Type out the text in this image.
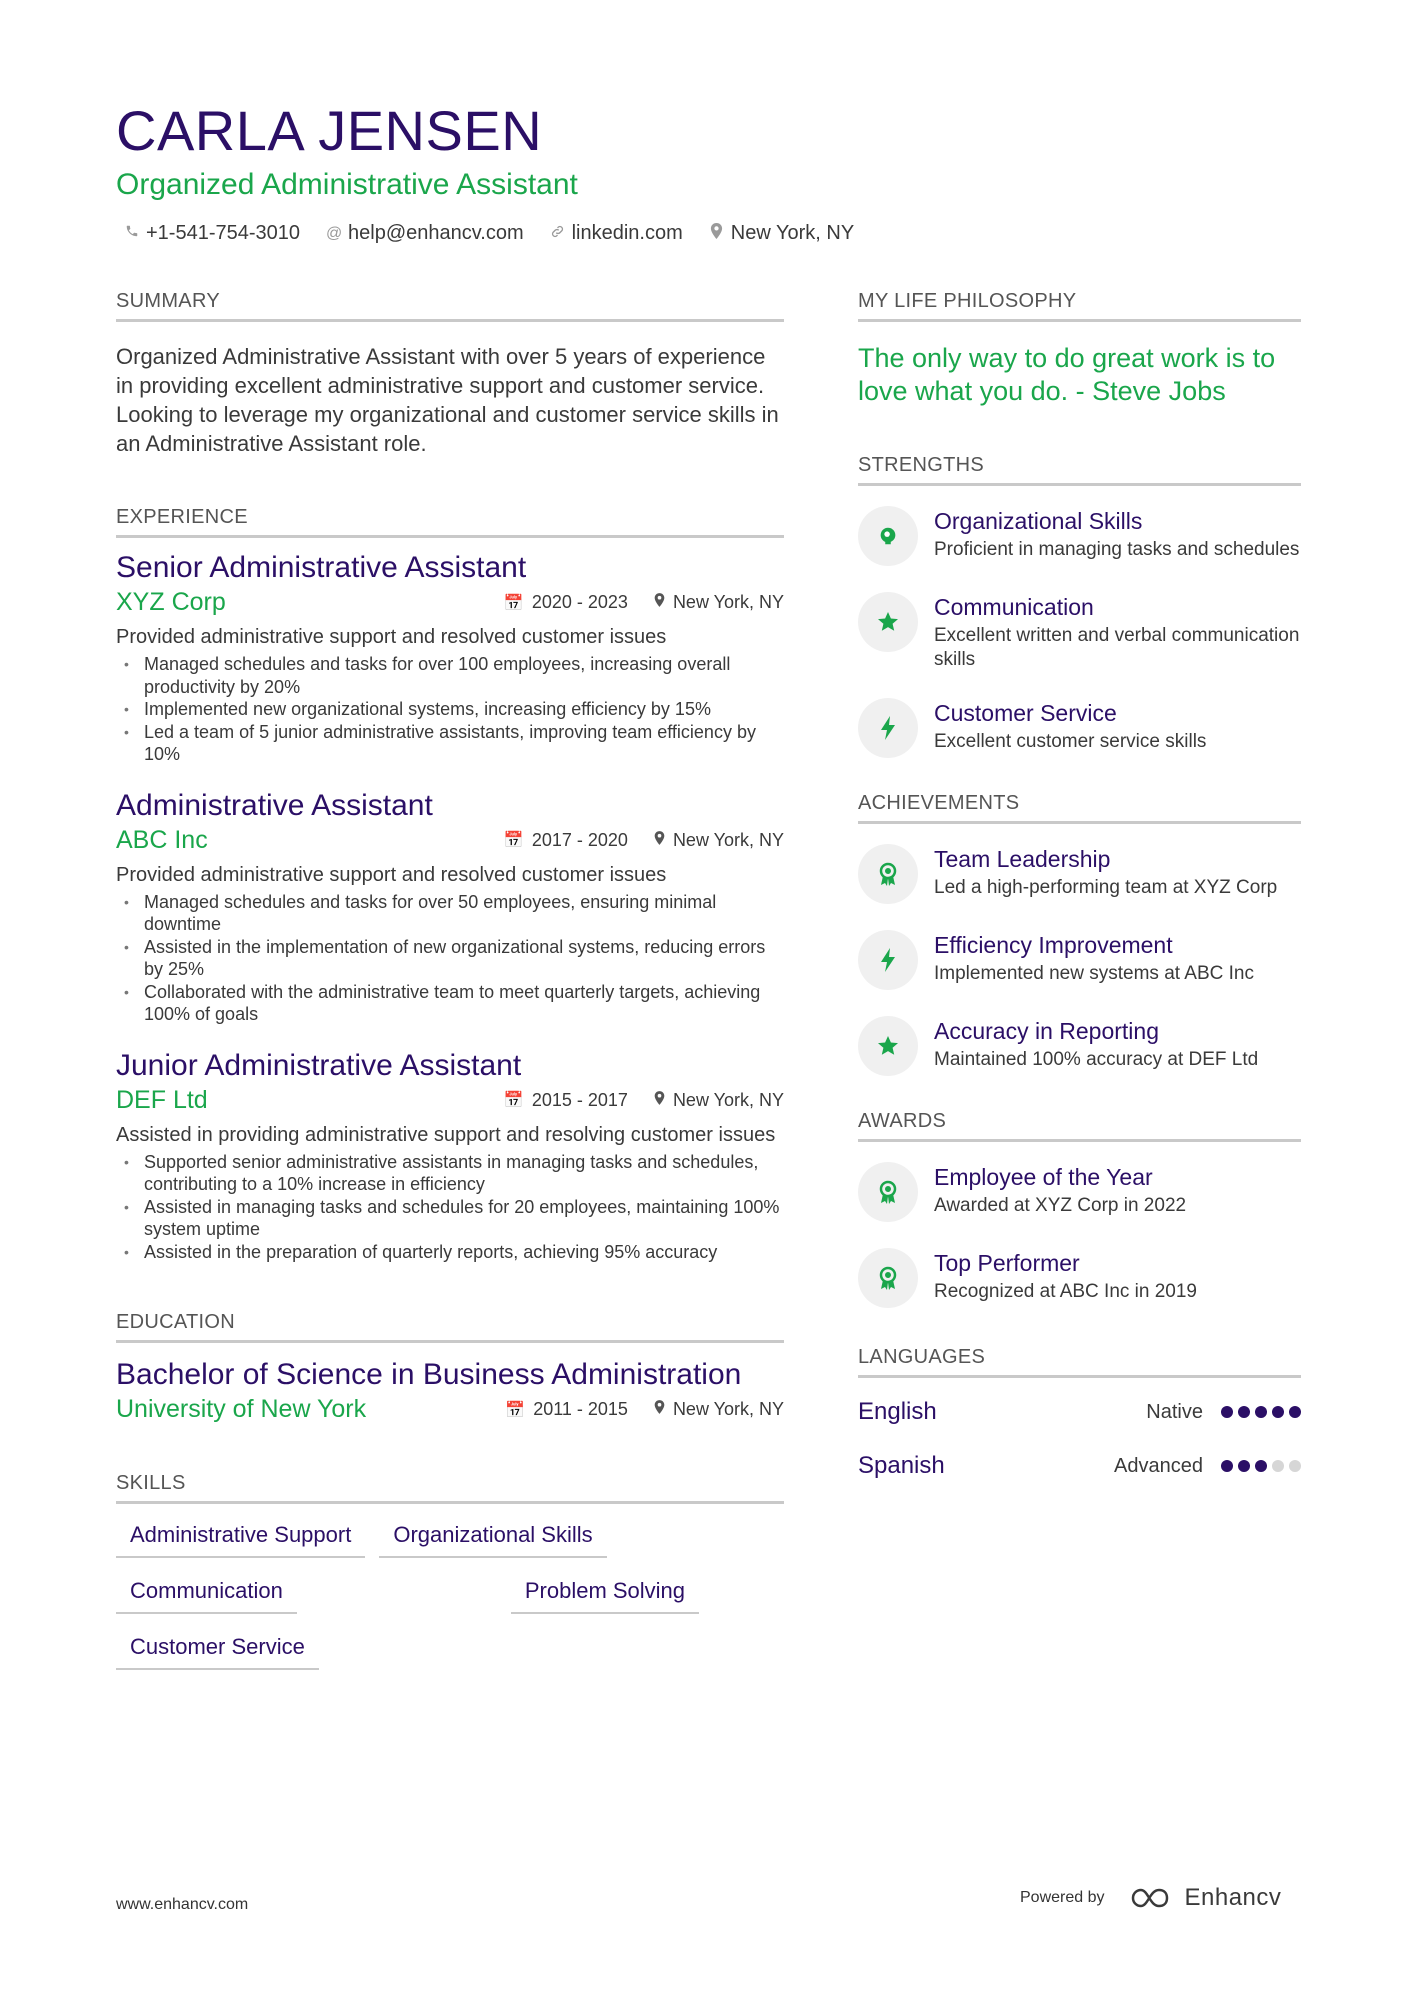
CARLA JENSEN
Organized Administrative Assistant
+1-541-754-3010 @ help@enhancv.com linkedin.com New York, NY
SUMMARY
Organized Administrative Assistant with over 5 years of experience in providing excellent administrative support and customer service. Looking to leverage my organizational and customer service skills in an Administrative Assistant role.
EXPERIENCE
Senior Administrative Assistant
XYZ Corp	📅 2020 - 2023	New York, NY
Provided administrative support and resolved customer issues
• Managed schedules and tasks for over 100 employees, increasing overall productivity by 20%
• Implemented new organizational systems, increasing efficiency by 15%
• Led a team of 5 junior administrative assistants, improving team efficiency by 10%
Administrative Assistant
ABC Inc	📅 2017 - 2020	New York, NY
Provided administrative support and resolved customer issues
• Managed schedules and tasks for over 50 employees, ensuring minimal downtime
• Assisted in the implementation of new organizational systems, reducing errors by 25%
• Collaborated with the administrative team to meet quarterly targets, achieving 100% of goals
Junior Administrative Assistant
DEF Ltd	📅 2015 - 2017	New York, NY
Assisted in providing administrative support and resolving customer issues
• Supported senior administrative assistants in managing tasks and schedules, contributing to a 10% increase in efficiency
• Assisted in managing tasks and schedules for 20 employees, maintaining 100% system uptime
• Assisted in the preparation of quarterly reports, achieving 95% accuracy
EDUCATION
Bachelor of Science in Business Administration
University of New York	📅 2011 - 2015	New York, NY
SKILLS
Administrative Support	Organizational Skills
Communication	Problem Solving
Customer Service
MY LIFE PHILOSOPHY
The only way to do great work is to love what you do. - Steve Jobs
STRENGTHS
Organizational Skills
Proficient in managing tasks and schedules
Communication
Excellent written and verbal communication skills
Customer Service
Excellent customer service skills
ACHIEVEMENTS
Team Leadership
Led a high-performing team at XYZ Corp
Efficiency Improvement
Implemented new systems at ABC Inc
Accuracy in Reporting
Maintained 100% accuracy at DEF Ltd
AWARDS
Employee of the Year
Awarded at XYZ Corp in 2022
Top Performer
Recognized at ABC Inc in 2019
LANGUAGES
English	Native
Spanish	Advanced
www.enhancv.com	Powered by	Enhancv
